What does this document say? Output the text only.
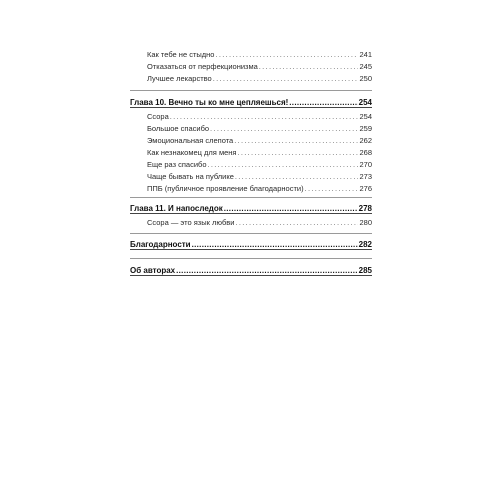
Как тебе не стыдно .....	241
Отказаться от перфекционизма .....	245
Лучшее лекарство .....	250
Глава 10. Вечно ты ко мне цепляешься! .....	254
Ссора .....	254
Большое спасибо .....	259
Эмоциональная слепота .....	262
Как незнакомец для меня .....	268
Еще раз спасибо .....	270
Чаще бывать на публике .....	273
ППБ (публичное проявление благодарности) .....	276
Глава 11. И напоследок .....	278
Ссора — это язык любви .....	280
Благодарности .....	282
Об авторах .....	285
